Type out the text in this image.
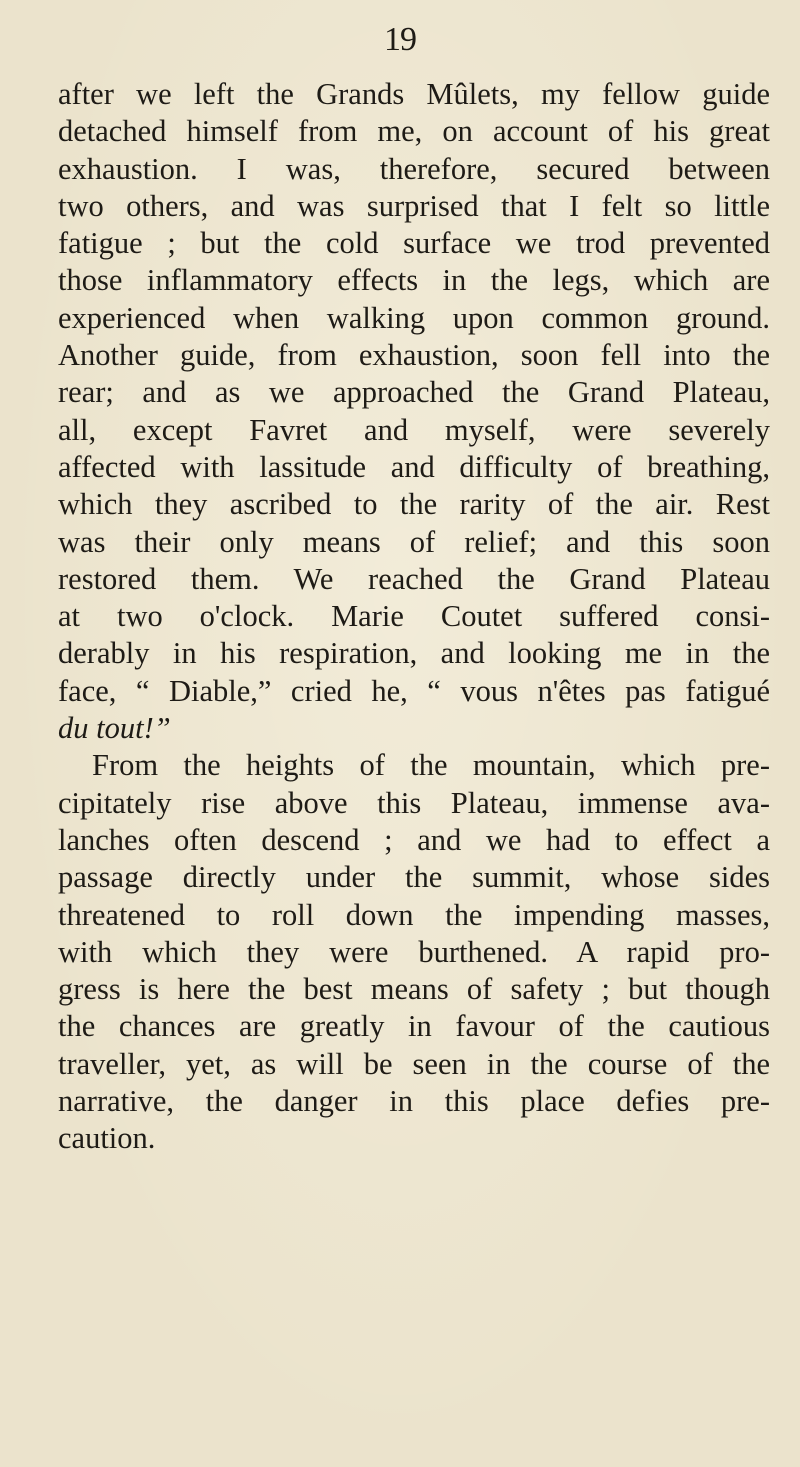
19
after we left the Grands Mûlets, my fellow guide
detached himself from me, on account of his great
exhaustion. I was, therefore, secured between
two others, and was surprised that I felt so little
fatigue ; but the cold surface we trod prevented
those inflammatory effects in the legs, which are
experienced when walking upon common ground.
Another guide, from exhaustion, soon fell into the
rear; and as we approached the Grand Plateau,
all, except Favret and myself, were severely
affected with lassitude and difficulty of breathing,
which they ascribed to the rarity of the air. Rest
was their only means of relief; and this soon
restored them. We reached the Grand Plateau
at two o'clock. Marie Coutet suffered consi-
derably in his respiration, and looking me in the
face, “ Diable,” cried he, “ vous n'êtes pas fatigué
du tout!”
From the heights of the mountain, which pre-
cipitately rise above this Plateau, immense ava-
lanches often descend ; and we had to effect a
passage directly under the summit, whose sides
threatened to roll down the impending masses,
with which they were burthened. A rapid pro-
gress is here the best means of safety ; but though
the chances are greatly in favour of the cautious
traveller, yet, as will be seen in the course of the
narrative, the danger in this place defies pre-
caution.
